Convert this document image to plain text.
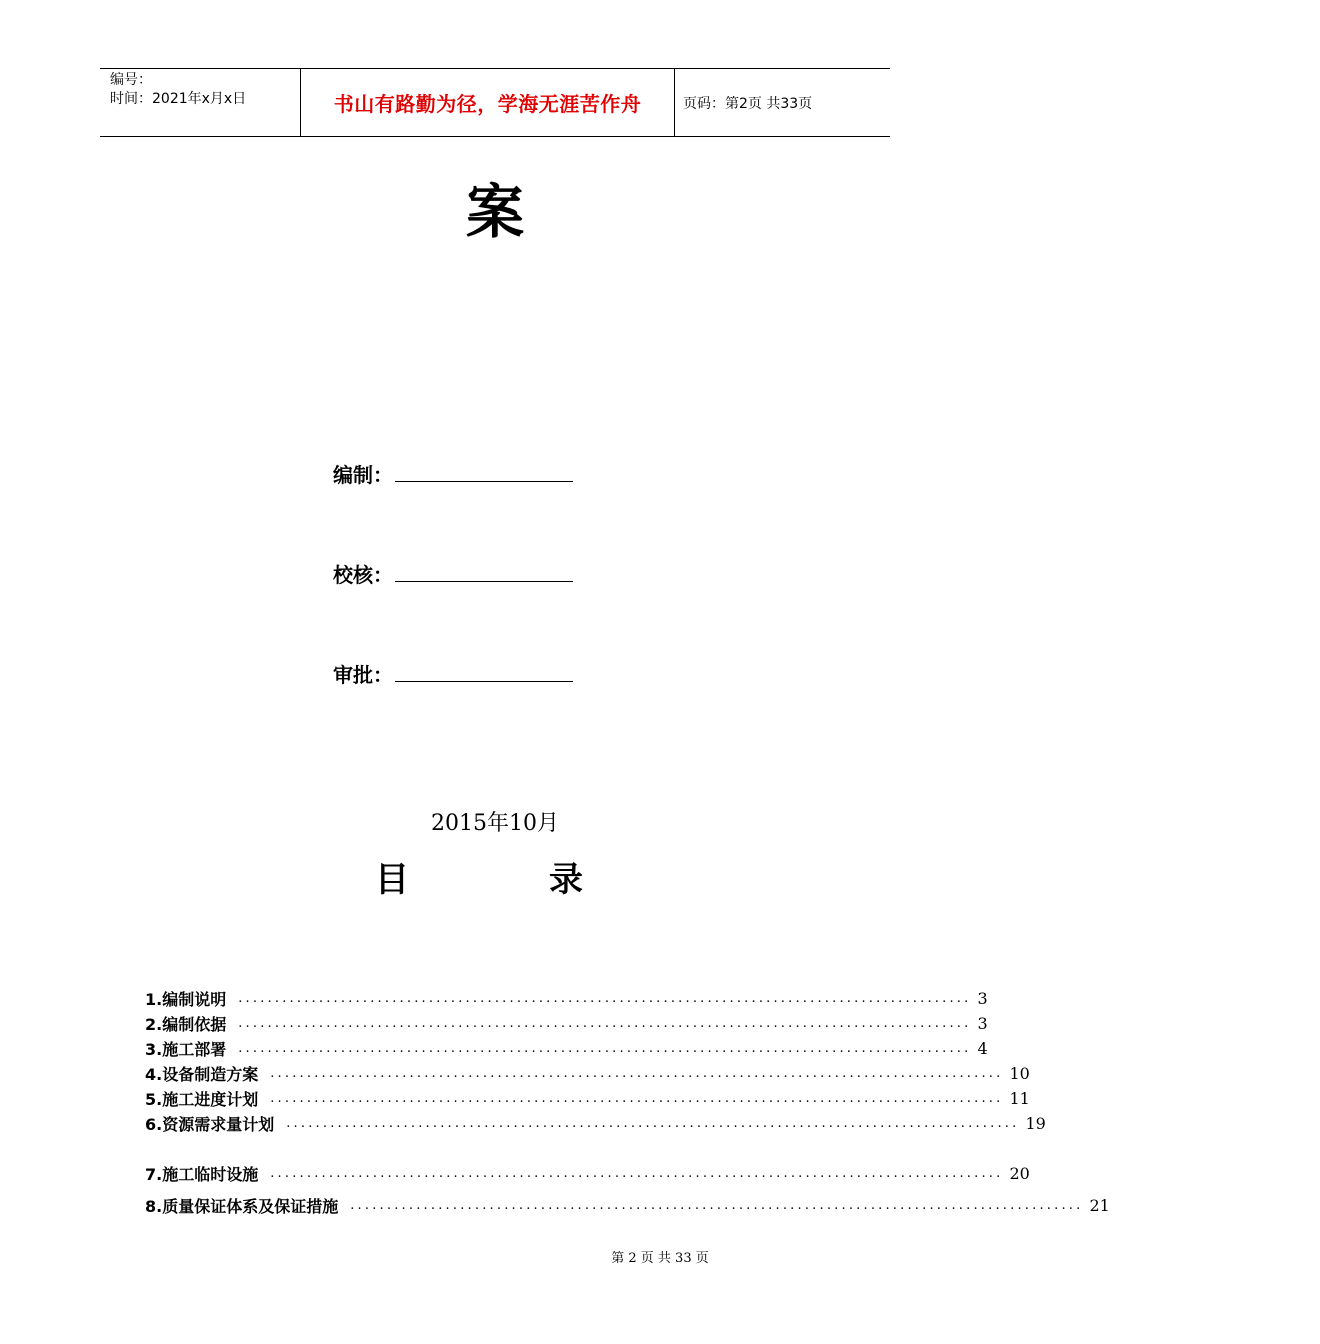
编号：
时间：2021年x月x日	书山有路勤为径，学海无涯苦作舟	页码：第2页 共33页
案
编制：
校核：
审批：
2015年10月
目	录
1.编制说明 .................................................................................................... 3
2.编制依据 .................................................................................................... 3
3.施工部署 .................................................................................................... 4
4.设备制造方案 .................................................................................................... 10
5.施工进度计划 .................................................................................................... 11
6.资源需求量计划 .................................................................................................... 19
7.施工临时设施 .................................................................................................... 20
8.质量保证体系及保证措施 .................................................................................................... 21
第 2 页 共 33 页
